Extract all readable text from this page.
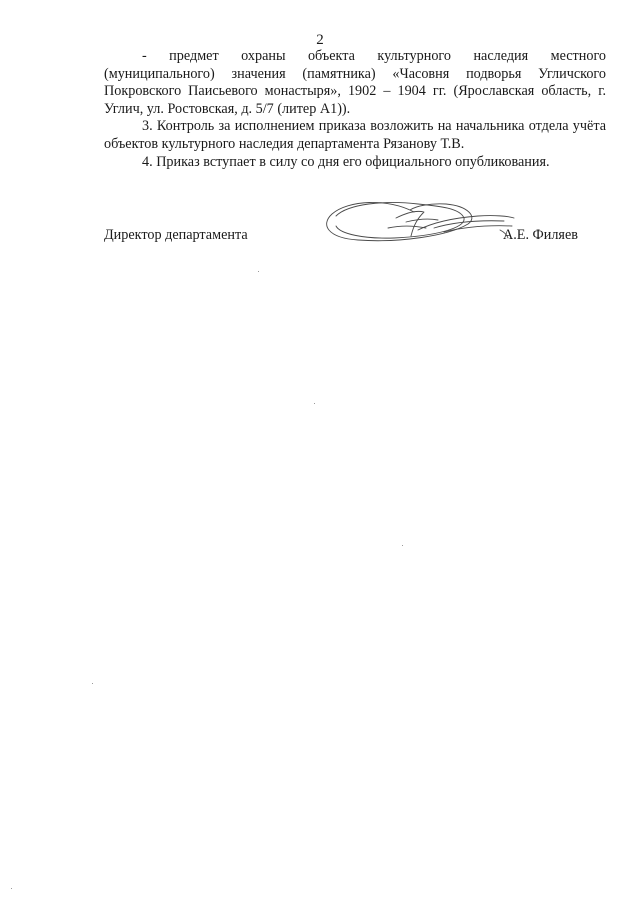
2

- предмет охраны объекта культурного наследия местного (муниципального) значения (памятника) «Часовня подворья Угличского Покровского Паисьевого монастыря», 1902 – 1904 гг. (Ярославская область, г. Углич, ул. Ростовская, д. 5/7 (литер А1)).

3. Контроль за исполнением приказа возложить на начальника отдела учёта объектов культурного наследия департамента Рязанову Т.В.

4. Приказ вступает в силу со дня его официального опубликования.

Директор департамента	А.Е. Филяев
